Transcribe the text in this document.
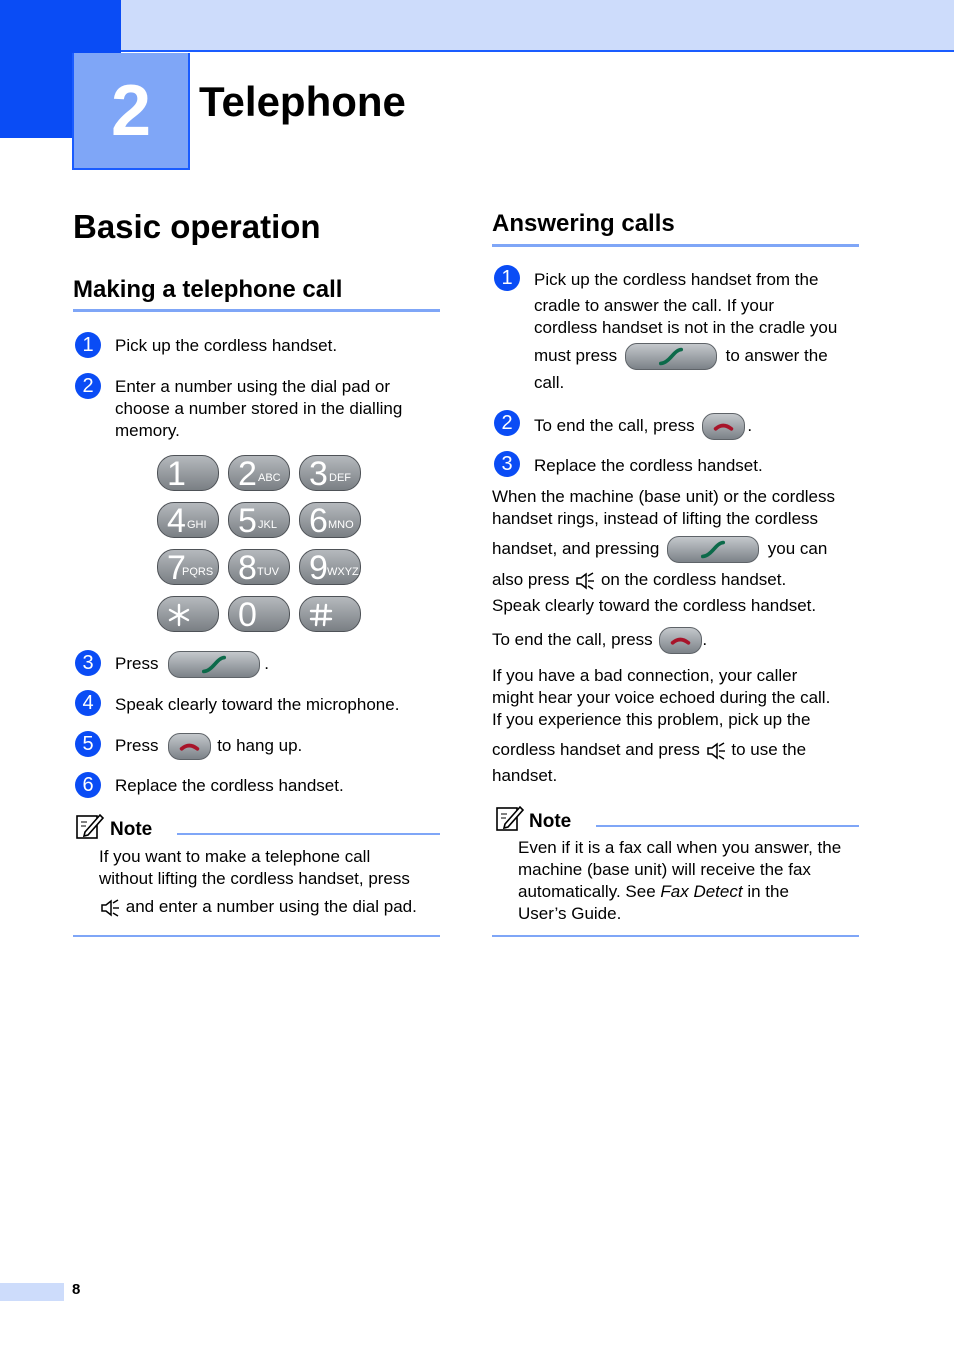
2 Telephone
Basic operation
Making a telephone call
1	Pick up the cordless handset.
2	Enter a number using the dial pad or
choose a number stored in the dialling
memory.
1 2 ABC 3 DEF
4 GHI 5 JKL 6 MNO
7
PQRS 8 TUV 9 WXYZ
0
3	Press	.
4	Speak clearly toward the microphone.
5	Press	to hang up.
6	Replace the cordless handset.
Note
If you want to make a telephone call
without lifting the cordless handset, press
and enter a number using the dial pad.
Answering calls
1	Pick up the cordless handset from the
cradle to answer the call. If your
cordless handset is not in the cradle you
must press	to answer the
call.
2	To end the call, press	.
3	Replace the cordless handset.
When the machine (base unit) or the cordless
handset rings, instead of lifting the cordless
handset, and pressing	you can
also press on the cordless handset.
Speak clearly toward the cordless handset.
To end the call, press	.
If you have a bad connection, your caller
might hear your voice echoed during the call.
If you experience this problem, pick up the
cordless handset and press to use the
handset.
Note
Even if it is a fax call when you answer, the
machine (base unit) will receive the fax
automatically. See Fax Detect in the
User’s Guide.
8
